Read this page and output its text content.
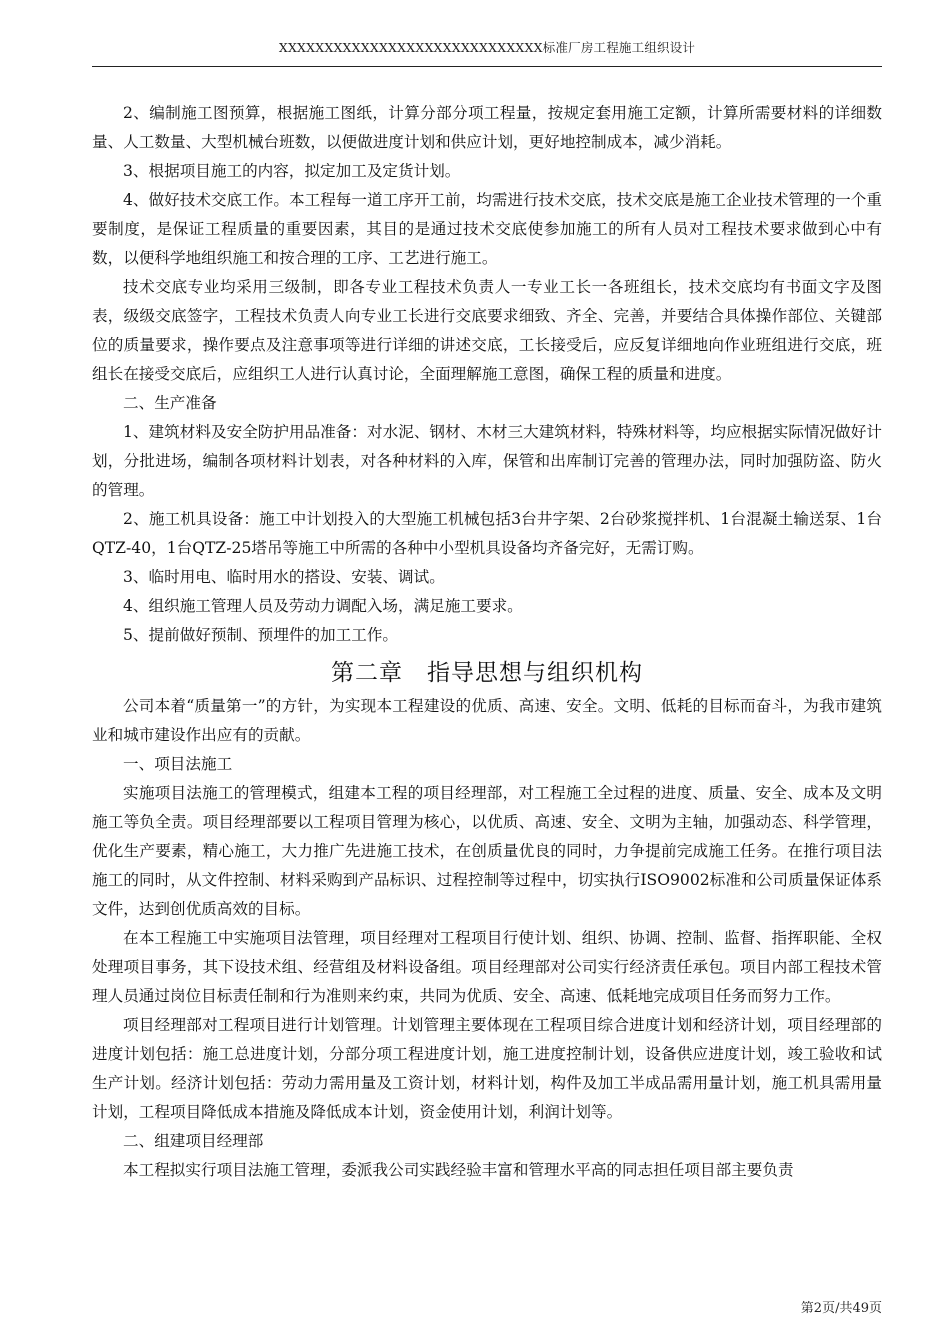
XXXXXXXXXXXXXXXXXXXXXXXXXXXXX标准厂房工程施工组织设计

2、编制施工图预算，根据施工图纸，计算分部分项工程量，按规定套用施工定额，计算所需要材料的详细数量、人工数量、大型机械台班数，以便做进度计划和供应计划，更好地控制成本，减少消耗。

3、根据项目施工的内容，拟定加工及定货计划。

4、做好技术交底工作。本工程每一道工序开工前，均需进行技术交底，技术交底是施工企业技术管理的一个重要制度，是保证工程质量的重要因素，其目的是通过技术交底使参加施工的所有人员对工程技术要求做到心中有数，以便科学地组织施工和按合理的工序、工艺进行施工。

技术交底专业均采用三级制，即各专业工程技术负责人一专业工长一各班组长，技术交底均有书面文字及图表，级级交底签字，工程技术负责人向专业工长进行交底要求细致、齐全、完善，并要结合具体操作部位、关键部位的质量要求，操作要点及注意事项等进行详细的讲述交底，工长接受后，应反复详细地向作业班组进行交底，班组长在接受交底后，应组织工人进行认真讨论，全面理解施工意图，确保工程的质量和进度。

二、生产准备

1、建筑材料及安全防护用品准备：对水泥、钢材、木材三大建筑材料，特殊材料等，均应根据实际情况做好计划，分批进场，编制各项材料计划表，对各种材料的入库，保管和出库制订完善的管理办法，同时加强防盗、防火的管理。

2、施工机具设备：施工中计划投入的大型施工机械包括3台井字架、2台砂浆搅拌机、1台混凝土输送泵、1台QTZ-40，1台QTZ-25塔吊等施工中所需的各种中小型机具设备均齐备完好，无需订购。

3、临时用电、临时用水的搭设、安装、调试。

4、组织施工管理人员及劳动力调配入场，满足施工要求。

5、提前做好预制、预埋件的加工工作。

第二章　指导思想与组织机构

公司本着“质量第一”的方针，为实现本工程建设的优质、高速、安全。文明、低耗的目标而奋斗，为我市建筑业和城市建设作出应有的贡献。

一、项目法施工

实施项目法施工的管理模式，组建本工程的项目经理部，对工程施工全过程的进度、质量、安全、成本及文明施工等负全责。项目经理部要以工程项目管理为核心，以优质、高速、安全、文明为主轴，加强动态、科学管理，优化生产要素，精心施工，大力推广先进施工技术，在创质量优良的同时，力争提前完成施工任务。在推行项目法施工的同时，从文件控制、材料采购到产品标识、过程控制等过程中，切实执行ISO9002标准和公司质量保证体系文件，达到创优质高效的目标。

在本工程施工中实施项目法管理，项目经理对工程项目行使计划、组织、协调、控制、监督、指挥职能、全权处理项目事务，其下设技术组、经营组及材料设备组。项目经理部对公司实行经济责任承包。项目内部工程技术管理人员通过岗位目标责任制和行为准则来约束，共同为优质、安全、高速、低耗地完成项目任务而努力工作。

项目经理部对工程项目进行计划管理。计划管理主要体现在工程项目综合进度计划和经济计划，项目经理部的进度计划包括：施工总进度计划，分部分项工程进度计划，施工进度控制计划，设备供应进度计划，竣工验收和试生产计划。经济计划包括：劳动力需用量及工资计划，材料计划，构件及加工半成品需用量计划，施工机具需用量计划，工程项目降低成本措施及降低成本计划，资金使用计划，利润计划等。

二、组建项目经理部

本工程拟实行项目法施工管理，委派我公司实践经验丰富和管理水平高的同志担任项目部主要负责

第2页/共49页
